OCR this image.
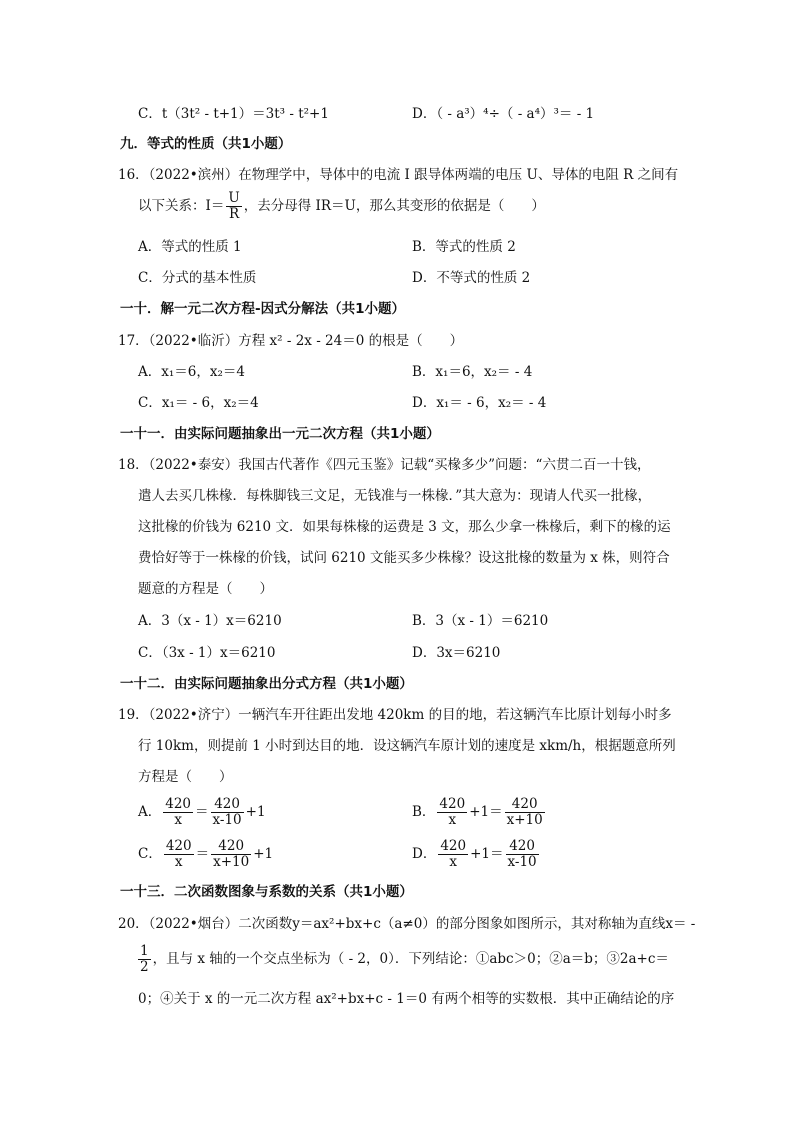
C．t（3t² - t+1）＝3t³ - t²+1	D．（ - a³）⁴÷（ - a⁴）³＝ - 1
九．等式的性质（共1小题）
16．（2022•滨州）在物理学中，导体中的电流 I 跟导体两端的电压 U、导体的电阻 R 之间有
以下关系：$I= \frac{U}{R}$ ，去分母得 IR＝U，那么其变形的依据是（　　）
A．等式的性质 1	B．等式的性质 2
C．分式的基本性质	D．不等式的性质 2
一十．解一元二次方程-因式分解法（共1小题）
17．（2022•临沂）方程 x² - 2x - 24＝0 的根是（　　）
A．x₁＝6，x₂＝4	B．x₁＝6，x₂＝ - 4
C．x₁＝ - 6，x₂＝4	D．x₁＝ - 6，x₂＝ - 4
一十一．由实际问题抽象出一元二次方程（共1小题）
18．（2022•泰安）我国古代著作《四元玉鉴》记载“买椽多少”问题：“六贯二百一十钱，
遣人去买几株椽．每株脚钱三文足，无钱准与一株椽．”其大意为：现请人代买一批椽，
这批椽的价钱为 6210 文．如果每株椽的运费是 3 文，那么少拿一株椽后，剩下的椽的运
费恰好等于一株椽的价钱，试问 6210 文能买多少株椽？设这批椽的数量为 x 株，则符合
题意的方程是（　　）
A．3（x - 1）x＝6210	B．3（x - 1）＝6210
C．（3x - 1）x＝6210	D．3x＝6210
一十二．由实际问题抽象出分式方程（共1小题）
19．（2022•济宁）一辆汽车开往距出发地 420km 的目的地，若这辆汽车比原计划每小时多
行 10km，则提前 1 小时到达目的地．设这辆汽车原计划的速度是 xkm/h，根据题意所列
方程是（　　）
A． $\frac{420}{x} = \frac{420}{x-10} +1$	B． $\frac{420}{x} +1= \frac{420}{x+10}$
C． $\frac{420}{x} = \frac{420}{x+10} +1$	D． $\frac{420}{x} +1= \frac{420}{x-10}$
一十三．二次函数图象与系数的关系（共1小题）
20．（2022•烟台）二次函数y＝ax²+bx+c（a≠0）的部分图象如图所示，其对称轴为直线x＝ -
$\frac{1}{2}$ ，且与 x 轴的一个交点坐标为（ - 2，0）．下列结论：①abc＞0；②a＝b；③2a+c＝
0；④关于 x 的一元二次方程 ax²+bx+c - 1＝0 有两个相等的实数根．其中正确结论的序
